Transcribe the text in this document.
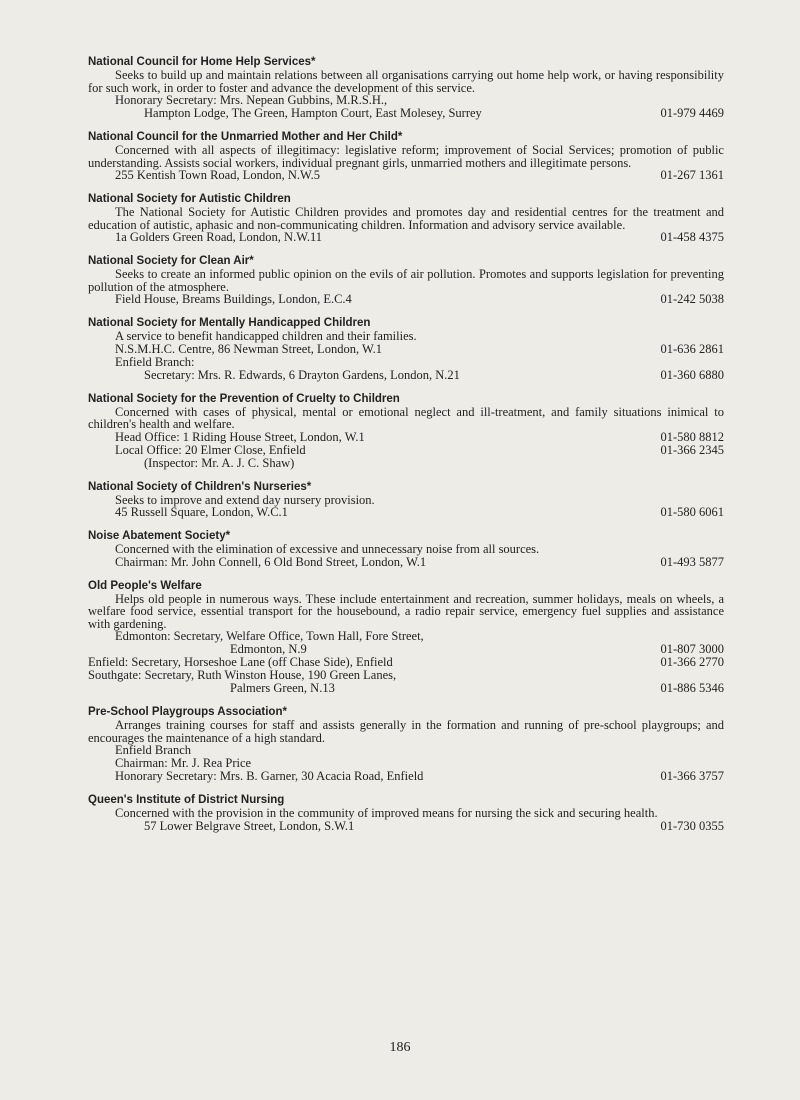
National Council for Home Help Services*
Seeks to build up and maintain relations between all organisations carrying out home help work, or having responsibility for such work, in order to foster and advance the development of this service.
Honorary Secretary: Mrs. Nepean Gubbins, M.R.S.H.,
Hampton Lodge, The Green, Hampton Court, East Molesey, Surrey	01-979 4469
National Council for the Unmarried Mother and Her Child*
Concerned with all aspects of illegitimacy: legislative reform; improvement of Social Services; promotion of public understanding. Assists social workers, individual pregnant girls, unmarried mothers and illegitimate persons.
255 Kentish Town Road, London, N.W.5	01-267 1361
National Society for Autistic Children
The National Society for Autistic Children provides and promotes day and residential centres for the treatment and education of autistic, aphasic and non-communicating children. Information and advisory service available.
1a Golders Green Road, London, N.W.11	01-458 4375
National Society for Clean Air*
Seeks to create an informed public opinion on the evils of air pollution. Promotes and supports legislation for preventing pollution of the atmosphere.
Field House, Breams Buildings, London, E.C.4	01-242 5038
National Society for Mentally Handicapped Children
A service to benefit handicapped children and their families.
N.S.M.H.C. Centre, 86 Newman Street, London, W.1	01-636 2861
Enfield Branch:
Secretary: Mrs. R. Edwards, 6 Drayton Gardens, London, N.21	01-360 6880
National Society for the Prevention of Cruelty to Children
Concerned with cases of physical, mental or emotional neglect and ill-treatment, and family situations inimical to children's health and welfare.
Head Office: 1 Riding House Street, London, W.1	01-580 8812
Local Office: 20 Elmer Close, Enfield	01-366 2345
(Inspector: Mr. A. J. C. Shaw)
National Society of Children's Nurseries*
Seeks to improve and extend day nursery provision.
45 Russell Square, London, W.C.1	01-580 6061
Noise Abatement Society*
Concerned with the elimination of excessive and unnecessary noise from all sources.
Chairman: Mr. John Connell, 6 Old Bond Street, London, W.1	01-493 5877
Old People's Welfare
Helps old people in numerous ways. These include entertainment and recreation, summer holidays, meals on wheels, a welfare food service, essential transport for the housebound, a radio repair service, emergency fuel supplies and assistance with gardening.
Edmonton: Secretary, Welfare Office, Town Hall, Fore Street,
Edmonton, N.9	01-807 3000
Enfield: Secretary, Horseshoe Lane (off Chase Side), Enfield	01-366 2770
Southgate: Secretary, Ruth Winston House, 190 Green Lanes,
Palmers Green, N.13	01-886 5346
Pre-School Playgroups Association*
Arranges training courses for staff and assists generally in the formation and running of pre-school playgroups; and encourages the maintenance of a high standard.
Enfield Branch
Chairman: Mr. J. Rea Price
Honorary Secretary: Mrs. B. Garner, 30 Acacia Road, Enfield	01-366 3757
Queen's Institute of District Nursing
Concerned with the provision in the community of improved means for nursing the sick and securing health.
57 Lower Belgrave Street, London, S.W.1	01-730 0355
186
